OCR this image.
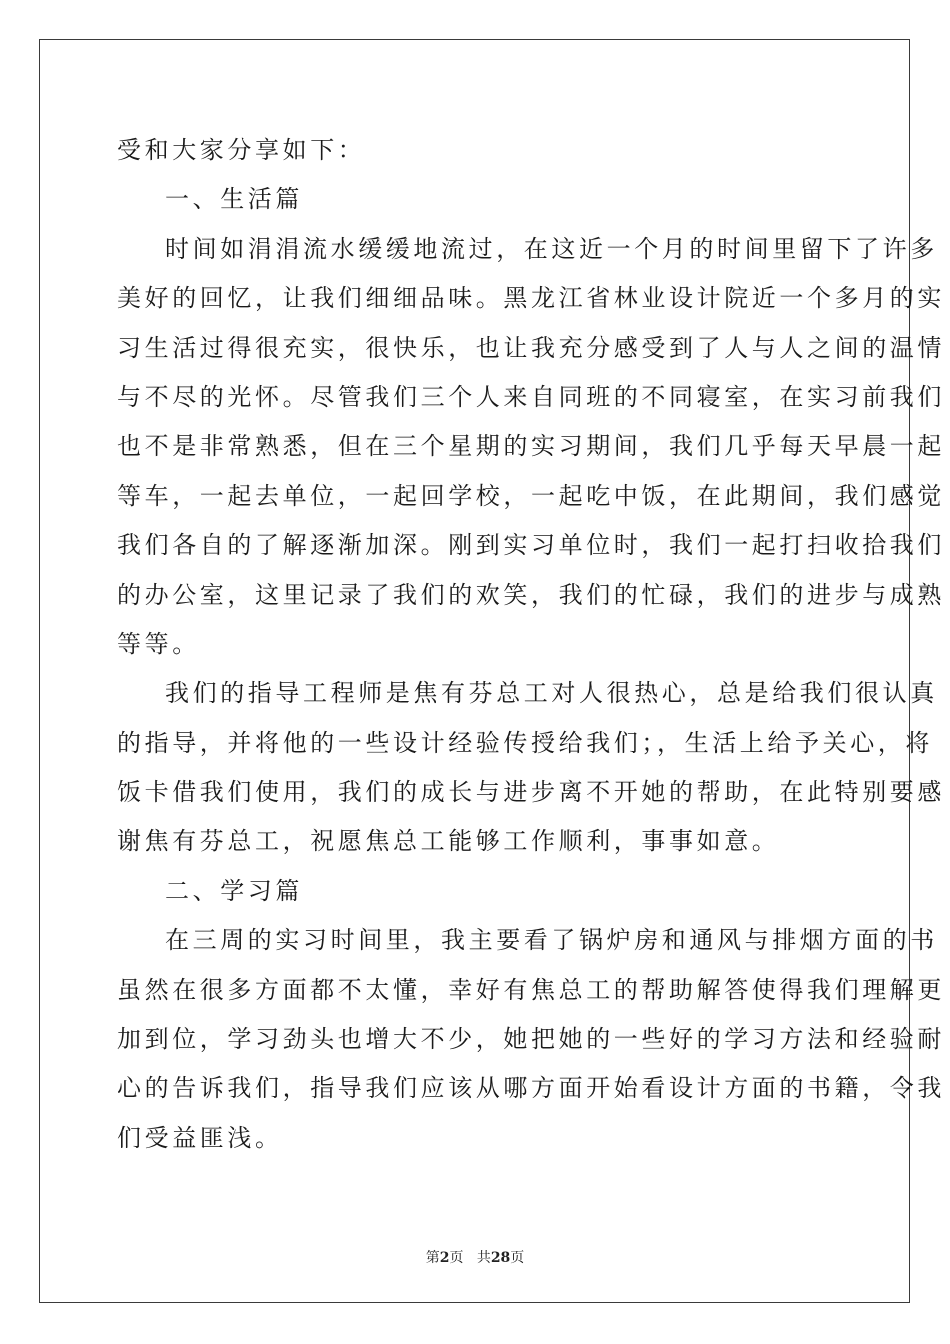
受和大家分享如下：
一、生活篇
时间如涓涓流水缓缓地流过，在这近一个月的时间里留下了许多
美好的回忆，让我们细细品味。黑龙江省林业设计院近一个多月的实
习生活过得很充实，很快乐，也让我充分感受到了人与人之间的温情
与不尽的光怀。尽管我们三个人来自同班的不同寝室，在实习前我们
也不是非常熟悉，但在三个星期的实习期间，我们几乎每天早晨一起
等车，一起去单位，一起回学校，一起吃中饭，在此期间，我们感觉
我们各自的了解逐渐加深。刚到实习单位时，我们一起打扫收拾我们
的办公室，这里记录了我们的欢笑，我们的忙碌，我们的进步与成熟
等等。
我们的指导工程师是焦有芬总工对人很热心，总是给我们很认真
的指导，并将他的一些设计经验传授给我们；，生活上给予关心，将
饭卡借我们使用，我们的成长与进步离不开她的帮助，在此特别要感
谢焦有芬总工，祝愿焦总工能够工作顺利，事事如意。
二、学习篇
在三周的实习时间里，我主要看了锅炉房和通风与排烟方面的书
虽然在很多方面都不太懂，幸好有焦总工的帮助解答使得我们理解更
加到位，学习劲头也增大不少，她把她的一些好的学习方法和经验耐
心的告诉我们，指导我们应该从哪方面开始看设计方面的书籍，令我
们受益匪浅。
第2页 共28页
